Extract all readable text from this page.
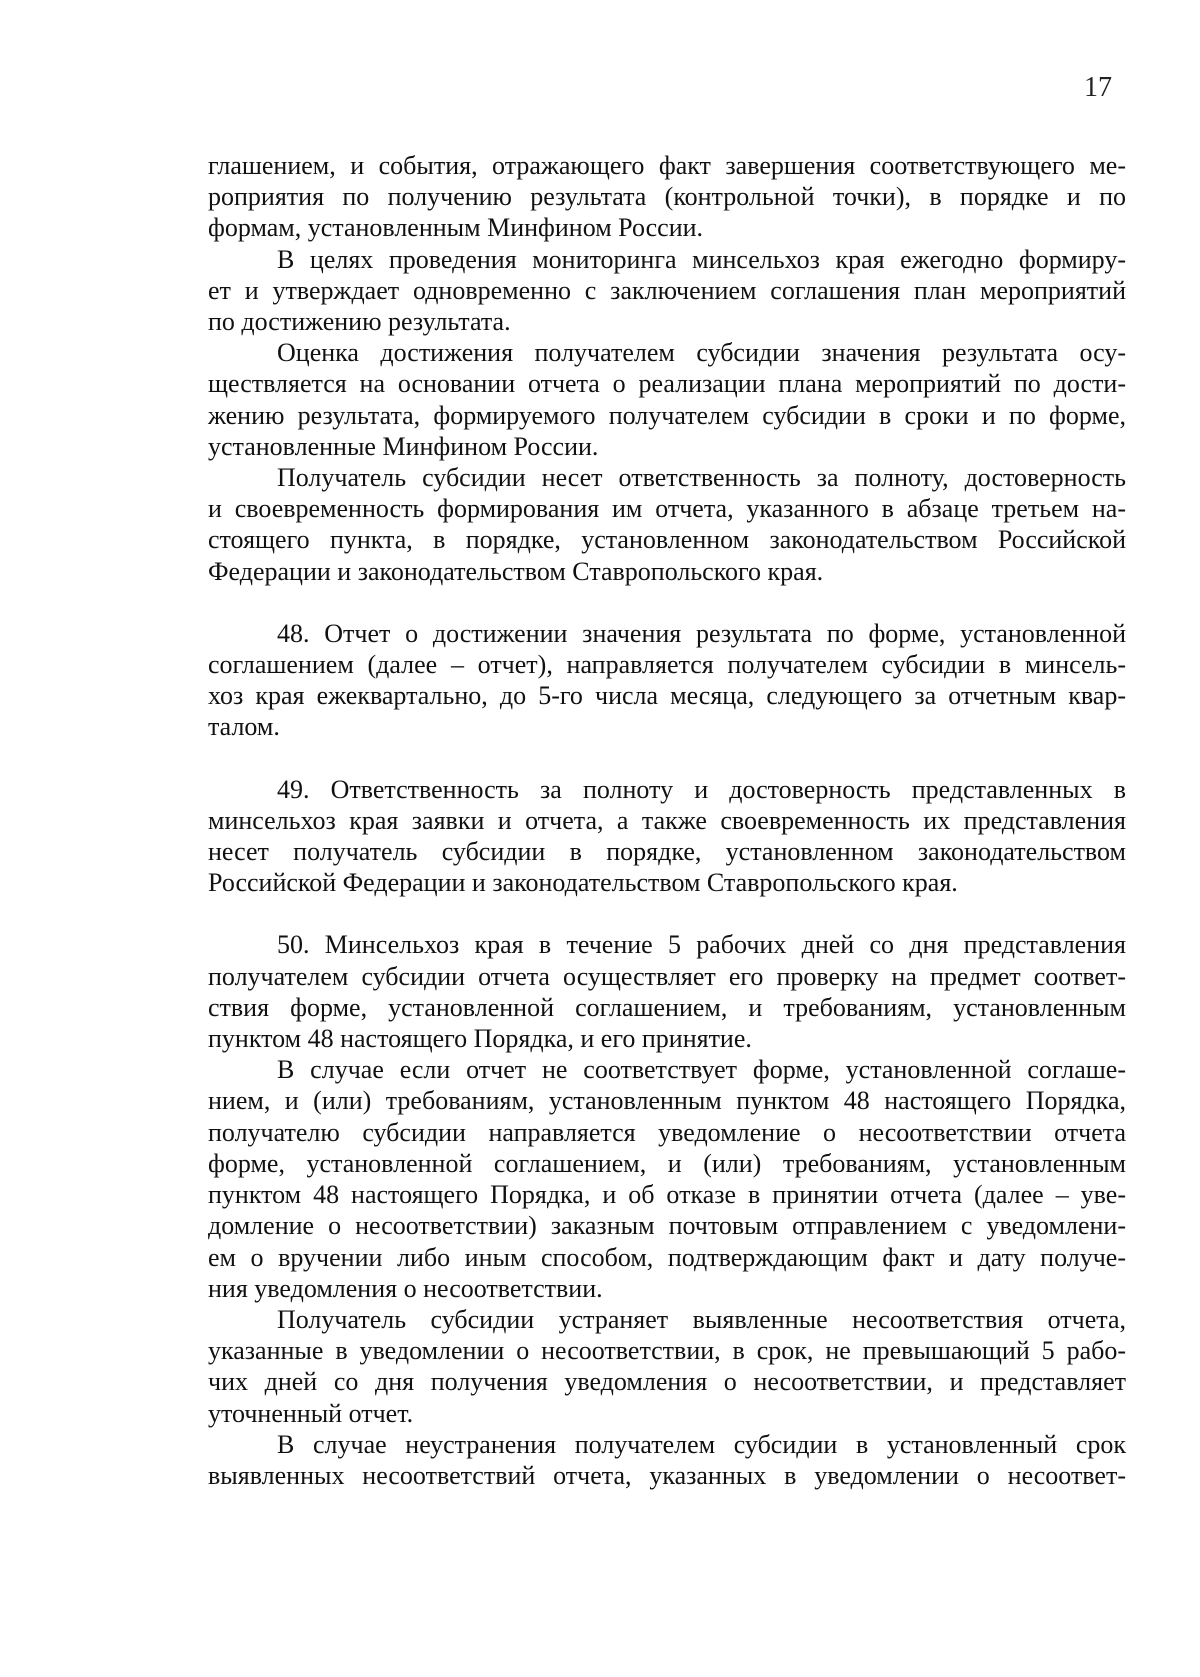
17
глашением, и события, отражающего факт завершения соответствующего ме-
роприятия по получению результата (контрольной точки), в порядке и по
формам, установленным Минфином России.
В целях проведения мониторинга минсельхоз края ежегодно формиру-
ет и утверждает одновременно с заключением соглашения план мероприятий
по достижению результата.
Оценка достижения получателем субсидии значения результата осу-
ществляется на основании отчета о реализации плана мероприятий по дости-
жению результата, формируемого получателем субсидии в сроки и по форме,
установленные Минфином России.
Получатель субсидии несет ответственность за полноту, достоверность
и своевременность формирования им отчета, указанного в абзаце третьем на-
стоящего пункта, в порядке, установленном законодательством Российской
Федерации и законодательством Ставропольского края.
48. Отчет о достижении значения результата по форме, установленной
соглашением (далее – отчет), направляется получателем субсидии в минсель-
хоз края ежеквартально, до 5-го числа месяца, следующего за отчетным квар-
талом.
49. Ответственность за полноту и достоверность представленных в
минсельхоз края заявки и отчета, а также своевременность их представления
несет получатель субсидии в порядке, установленном законодательством
Российской Федерации и законодательством Ставропольского края.
50. Минсельхоз края в течение 5 рабочих дней со дня представления
получателем субсидии отчета осуществляет его проверку на предмет соответ-
ствия форме, установленной соглашением, и требованиям, установленным
пунктом 48 настоящего Порядка, и его принятие.
В случае если отчет не соответствует форме, установленной соглаше-
нием, и (или) требованиям, установленным пунктом 48 настоящего Порядка,
получателю субсидии направляется уведомление о несоответствии отчета
форме, установленной соглашением, и (или) требованиям, установленным
пунктом 48 настоящего Порядка, и об отказе в принятии отчета (далее – уве-
домление о несоответствии) заказным почтовым отправлением с уведомлени-
ем о вручении либо иным способом, подтверждающим факт и дату получе-
ния уведомления о несоответствии.
Получатель субсидии устраняет выявленные несоответствия отчета,
указанные в уведомлении о несоответствии, в срок, не превышающий 5 рабо-
чих дней со дня получения уведомления о несоответствии, и представляет
уточненный отчет.
В случае неустранения получателем субсидии в установленный срок
выявленных несоответствий отчета, указанных в уведомлении о несоответ-
